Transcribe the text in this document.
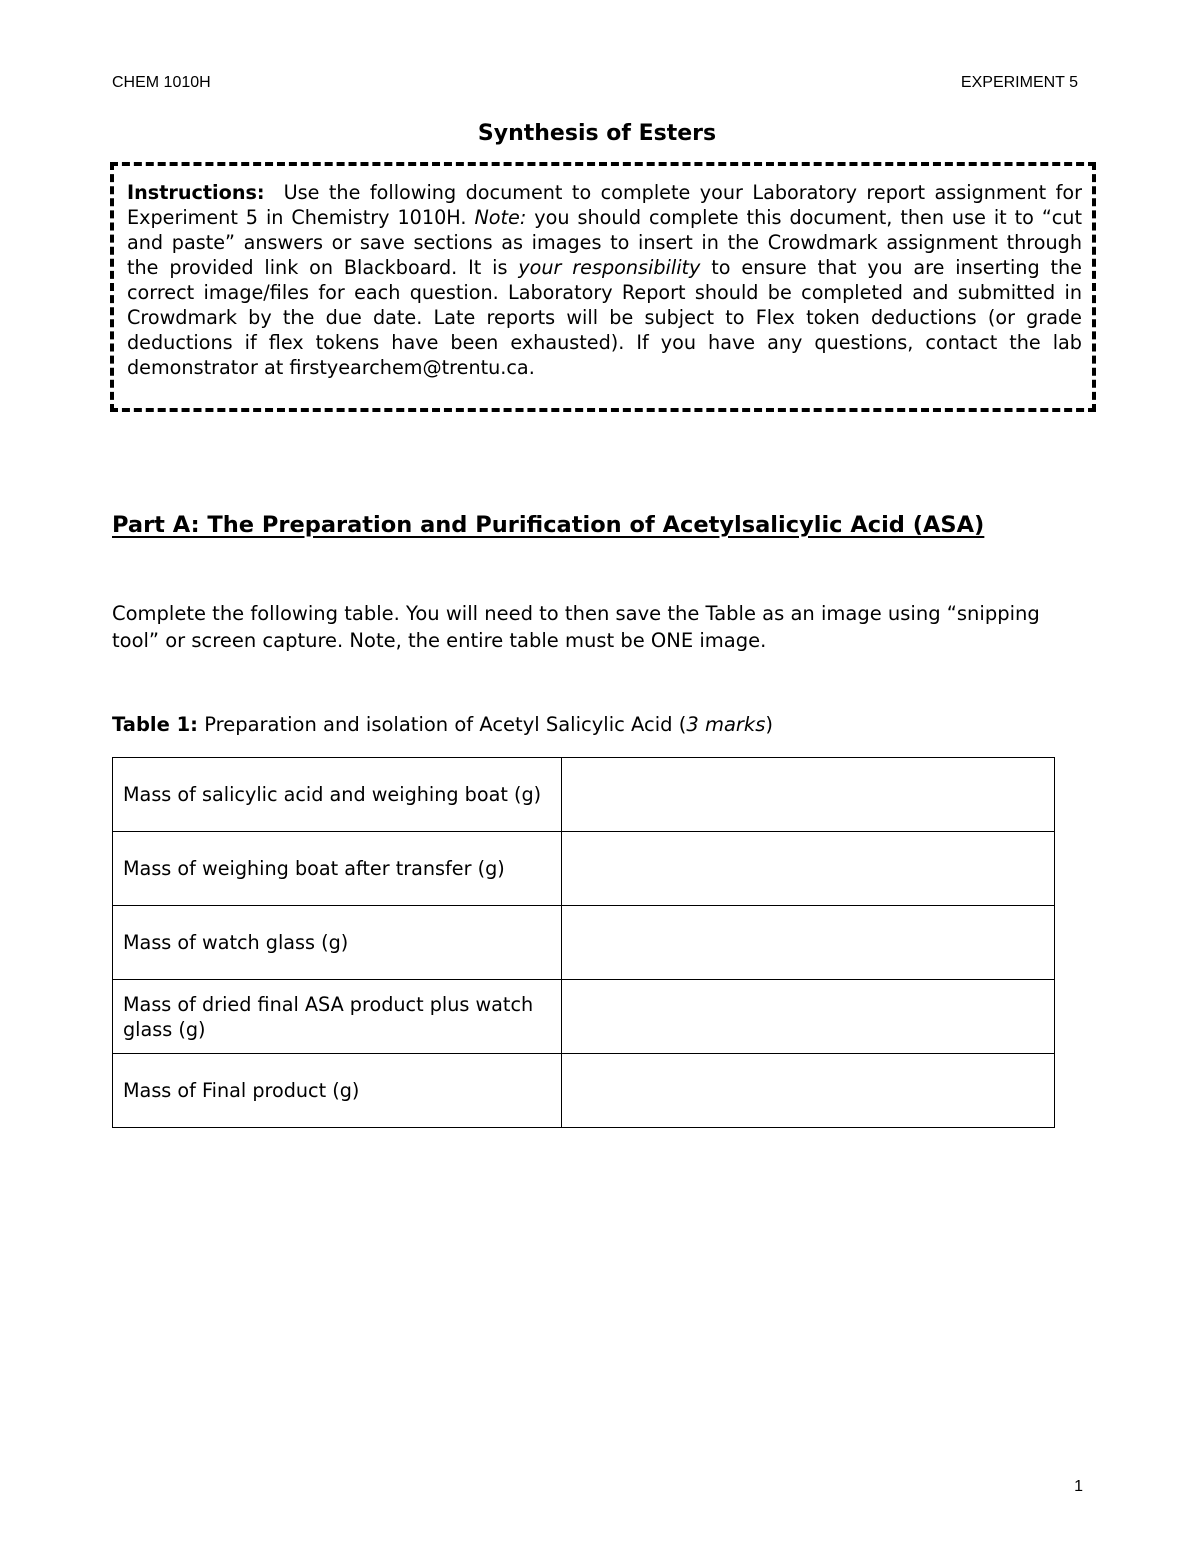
CHEM 1010H	EXPERIMENT 5
Synthesis of Esters

Instructions: Use the following document to complete your Laboratory report assignment for Experiment 5 in Chemistry 1010H. Note: you should complete this document, then use it to “cut and paste” answers or save sections as images to insert in the Crowdmark assignment through the provided link on Blackboard. It is your responsibility to ensure that you are inserting the correct image/files for each question. Laboratory Report should be completed and submitted in Crowdmark by the due date. Late reports will be subject to Flex token deductions (or grade deductions if flex tokens have been exhausted). If you have any questions, contact the lab demonstrator at firstyearchem@trentu.ca.

Part A: The Preparation and Purification of Acetylsalicylic Acid (ASA)

Complete the following table. You will need to then save the Table as an image using “snipping tool” or screen capture. Note, the entire table must be ONE image.

Table 1: Preparation and isolation of Acetyl Salicylic Acid (3 marks)

Mass of salicylic acid and weighing boat (g)	
Mass of weighing boat after transfer (g)	
Mass of watch glass (g)	
Mass of dried final ASA product plus watch glass (g)	
Mass of Final product (g)	
1
